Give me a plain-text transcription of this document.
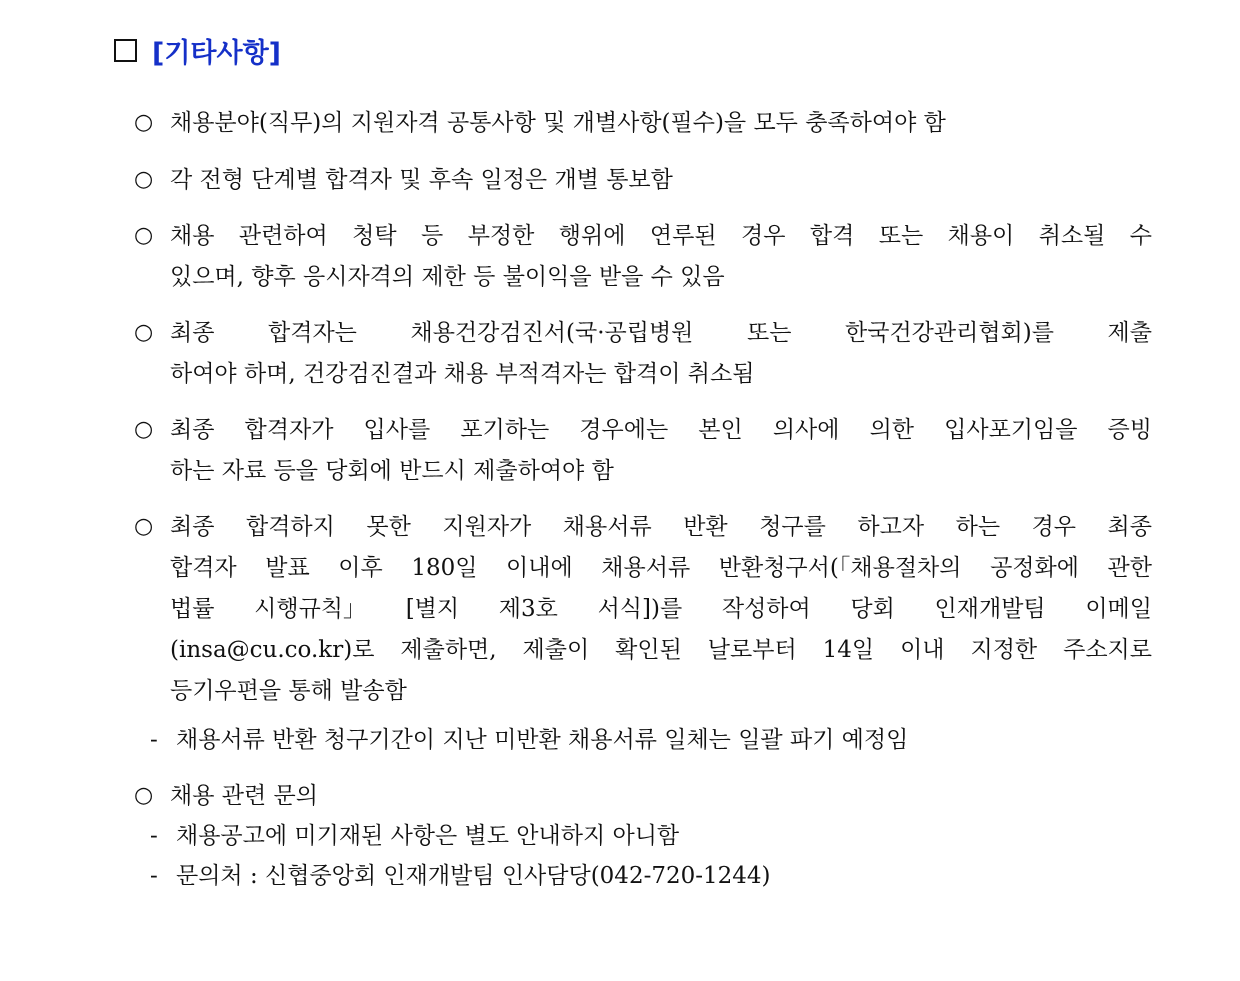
[기타사항]
○ 채용분야(직무)의 지원자격 공통사항 및 개별사항(필수)을 모두 충족하여야 함
○ 각 전형 단계별 합격자 및 후속 일정은 개별 통보함
○ 채용 관련하여 청탁 등 부정한 행위에 연루된 경우 합격 또는 채용이 취소될 수
있으며, 향후 응시자격의 제한 등 불이익을 받을 수 있음
○ 최종 합격자는 채용건강검진서(국·공립병원 또는 한국건강관리협회)를 제출
하여야 하며, 건강검진결과 채용 부적격자는 합격이 취소됨
○ 최종 합격자가 입사를 포기하는 경우에는 본인 의사에 의한 입사포기임을 증빙
하는 자료 등을 당회에 반드시 제출하여야 함
○ 최종 합격하지 못한 지원자가 채용서류 반환 청구를 하고자 하는 경우 최종
합격자 발표 이후 180일 이내에 채용서류 반환청구서(「채용절차의 공정화에 관한
법률 시행규칙」 [별지 제3호 서식])를 작성하여 당회 인재개발팀 이메일
(insa@cu.co.kr)로 제출하면, 제출이 확인된 날로부터 14일 이내 지정한 주소지로
등기우편을 통해 발송함
- 채용서류 반환 청구기간이 지난 미반환 채용서류 일체는 일괄 파기 예정임
○ 채용 관련 문의
- 채용공고에 미기재된 사항은 별도 안내하지 아니함
- 문의처 : 신협중앙회 인재개발팀 인사담당(042-720-1244)
